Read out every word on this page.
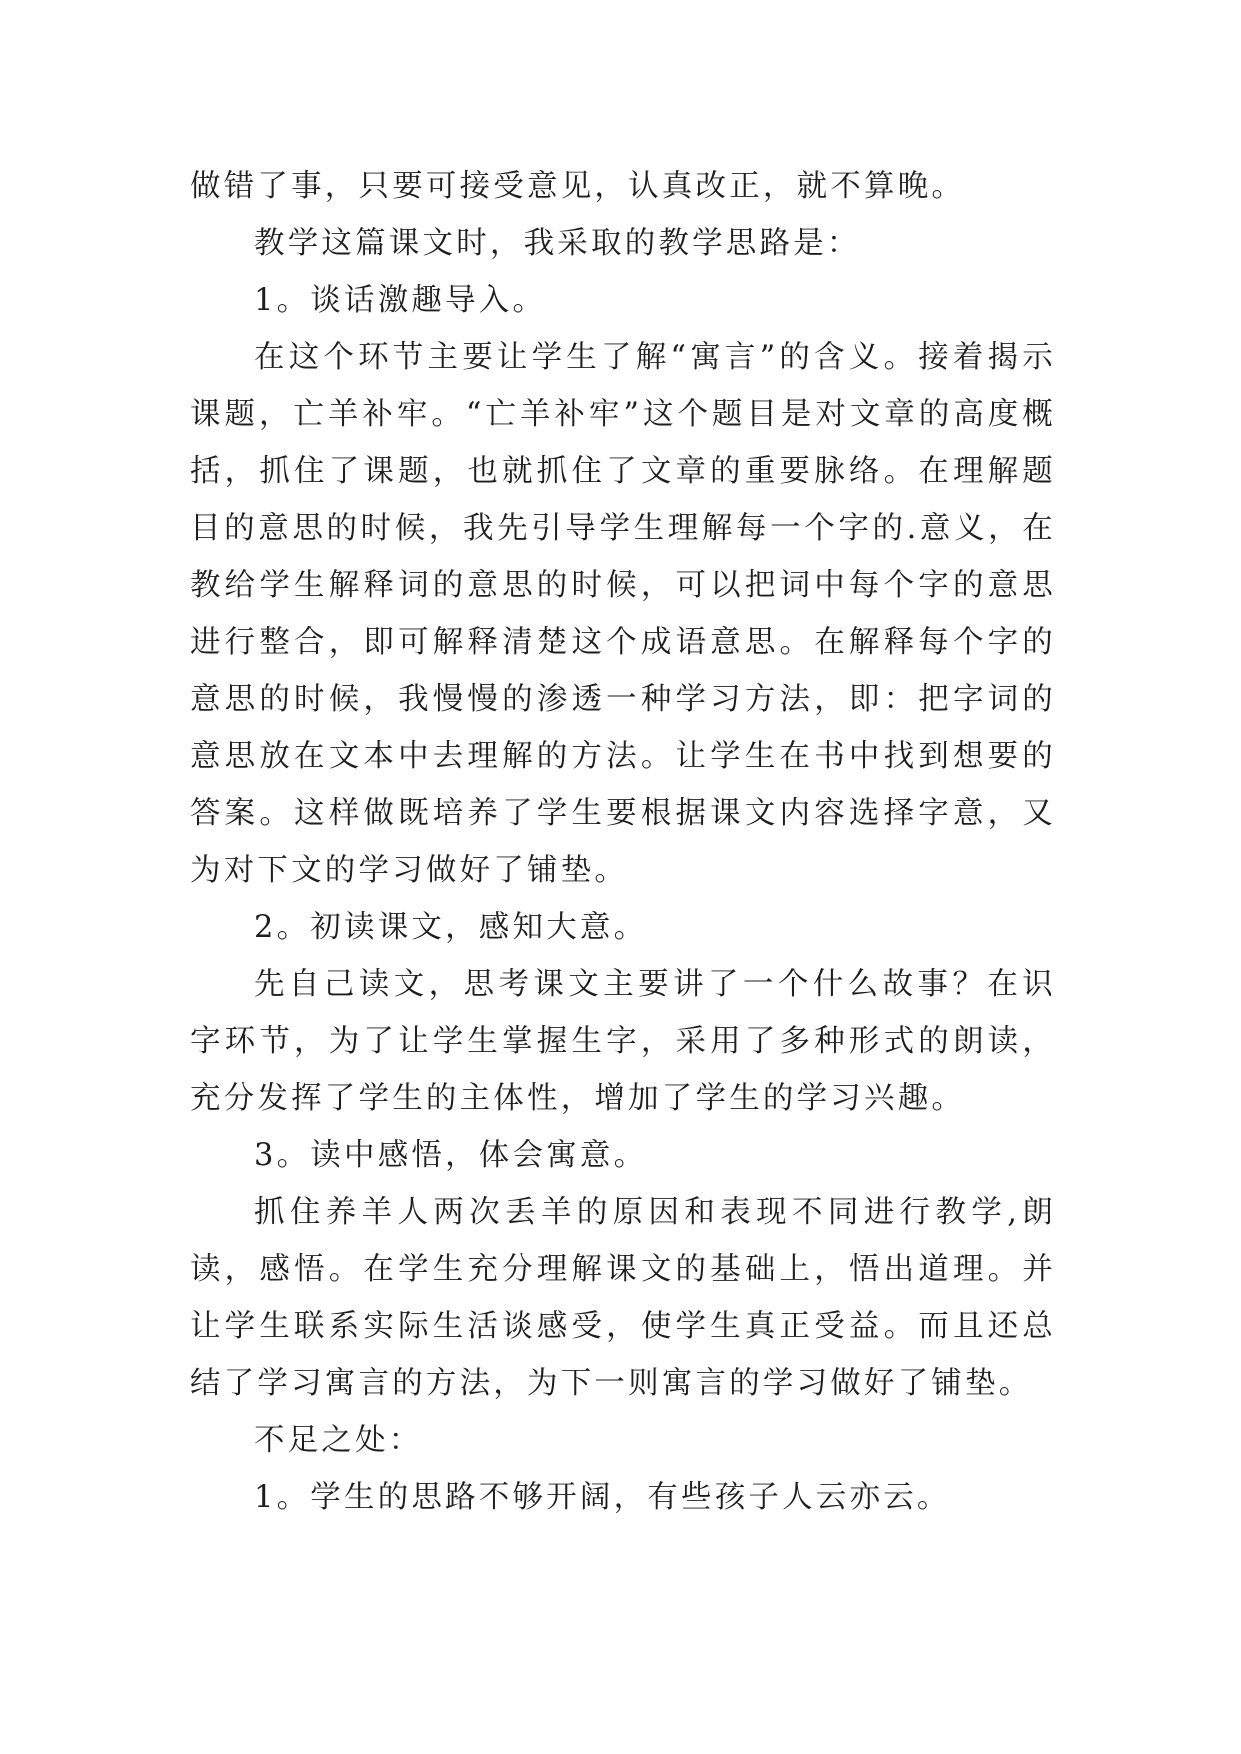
做错了事，只要可接受意见，认真改正，就不算晚。

教学这篇课文时，我采取的教学思路是：

1。谈话激趣导入。

在这个环节主要让学生了解“寓言”的含义。接着揭示课题，亡羊补牢。“亡羊补牢”这个题目是对文章的高度概括，抓住了课题，也就抓住了文章的重要脉络。在理解题目的意思的时候，我先引导学生理解每一个字的.意义，在教给学生解释词的意思的时候，可以把词中每个字的意思进行整合，即可解释清楚这个成语意思。在解释每个字的意思的时候，我慢慢的渗透一种学习方法，即：把字词的意思放在文本中去理解的方法。让学生在书中找到想要的答案。这样做既培养了学生要根据课文内容选择字意，又为对下文的学习做好了铺垫。

2。初读课文，感知大意。

先自己读文，思考课文主要讲了一个什么故事？在识字环节，为了让学生掌握生字，采用了多种形式的朗读，充分发挥了学生的主体性，增加了学生的学习兴趣。

3。读中感悟，体会寓意。

抓住养羊人两次丢羊的原因和表现不同进行教学,朗读，感悟。在学生充分理解课文的基础上，悟出道理。并让学生联系实际生活谈感受，使学生真正受益。而且还总结了学习寓言的方法，为下一则寓言的学习做好了铺垫。

不足之处：

1。学生的思路不够开阔，有些孩子人云亦云。
